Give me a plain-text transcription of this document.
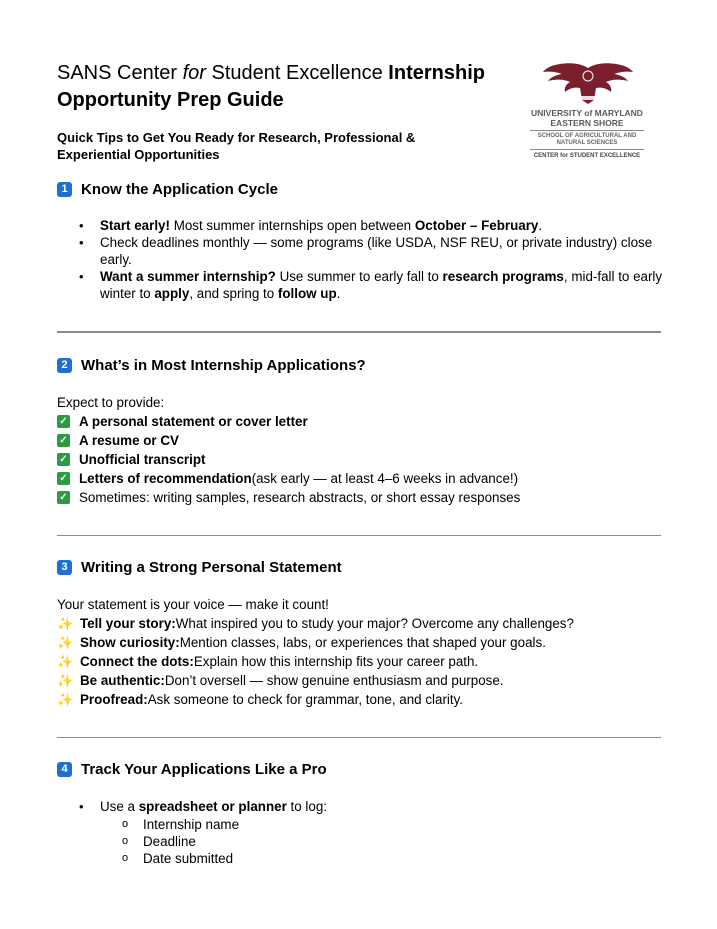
SANS Center for Student Excellence Internship Opportunity Prep Guide
Quick Tips to Get You Ready for Research, Professional & Experiential Opportunities
UNIVERSITY of MARYLAND
EASTERN SHORE
SCHOOL OF AGRICULTURAL AND
NATURAL SCIENCES
CENTER for STUDENT EXCELLENCE
1 Know the Application Cycle
• Start early! Most summer internships open between October – February.
• Check deadlines monthly — some programs (like USDA, NSF REU, or private industry) close early.
• Want a summer internship? Use summer to early fall to research programs, mid-fall to early winter to apply, and spring to follow up.
2 What’s in Most Internship Applications?

Expect to provide:

✓ A personal statement or cover letter
✓ A resume or CV
✓ Unofficial transcript
✓ Letters of recommendation (ask early — at least 4–6 weeks in advance!)
✓ Sometimes: writing samples, research abstracts, or short essay responses
3 Writing a Strong Personal Statement

Your statement is your voice — make it count!

✨ Tell your story: What inspired you to study your major? Overcome any challenges?
✨ Show curiosity: Mention classes, labs, or experiences that shaped your goals.
✨ Connect the dots: Explain how this internship fits your career path.
✨ Be authentic: Don’t oversell — show genuine enthusiasm and purpose.
✨ Proofread: Ask someone to check for grammar, tone, and clarity.
4 Track Your Applications Like a Pro
• Use a spreadsheet or planner to log:
o Internship name
o Deadline
o Date submitted
